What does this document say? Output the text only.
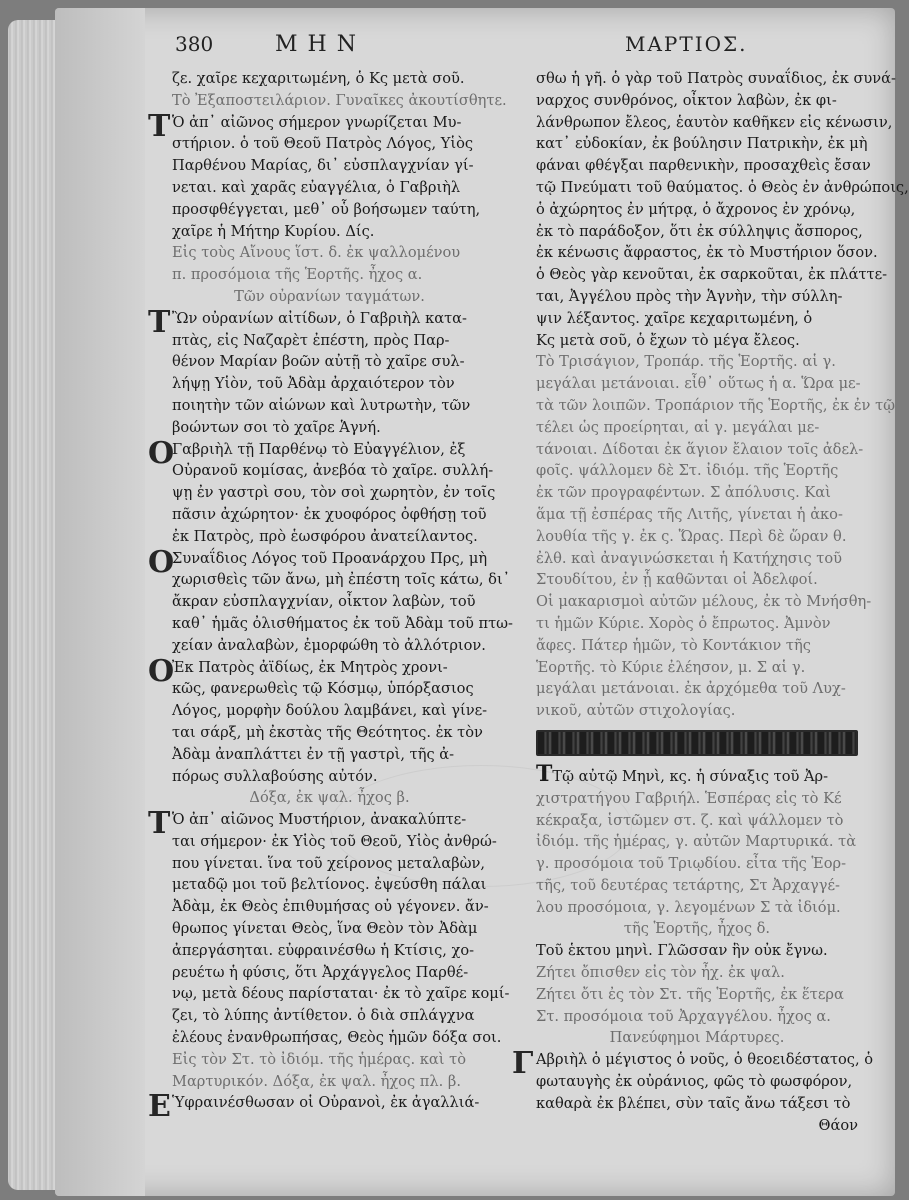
380	ΜΗΝ	ΜΑΡΤΙΟΣ.
ζε. χαῖρε κεχαριτωμένη, ὁ Κς μετὰ σοῦ.
Τὸ Ἐξαποστειλάριον. Γυναῖκες ἀκουτίσθητε.
Τ Ὁ ἀπ᾽ αἰῶνος σήμερον γνωρίζεται Μυ-
στήριον. ὁ τοῦ Θεοῦ Πατρὸς Λόγος, Υἱὸς
Παρθένου Μαρίας, δι᾽ εὐσπλαγχνίαν γί-
νεται. καὶ χαρᾶς εὐαγγέλια, ὁ Γαβριὴλ
προσφθέγγεται, μεθ᾽ οὗ βοήσωμεν ταύτη,
χαῖρε ἡ Μήτηρ Κυρίου. Δίς.
Εἰς τοὺς Αἴνους ἵστ. δ. ἐκ ψαλλομένου
π. προσόμοια τῆς Ἑορτῆς. ἦχος α.
Τῶν οὐρανίων ταγμάτων.
Τ Ὢν οὐρανίων αἰτίδων, ὁ Γαβριὴλ κατα-
πτὰς, εἰς Ναζαρὲτ ἐπέστη, πρὸς Παρ-
θένον Μαρίαν βοῶν αὐτῇ τὸ χαῖρε συλ-
λήψῃ Υἱὸν, τοῦ Ἀδὰμ ἀρχαιότερον τὸν
ποιητὴν τῶν αἰώνων καὶ λυτρωτὴν, τῶν
βοώντων σοι τὸ χαῖρε Ἁγνή.
Ο
Γαβριὴλ τῇ Παρθένῳ τὸ Εὐαγγέλιον, ἐξ
Οὐρανοῦ κομίσας, ἀνεβόα τὸ χαῖρε. συλλή-
ψῃ ἐν γαστρὶ σου, τὸν σοὶ χωρητὸν, ἐν τοῖς
πᾶσιν ἀχώρητον· ἐκ χυοφόρος ὀφθήσῃ τοῦ
ἐκ Πατρὸς, πρὸ ἑωσφόρου ἀνατείλαντος.
Ο
Συναΐδιος Λόγος τοῦ Προανάρχου Πρς, μὴ
χωρισθεὶς τῶν ἄνω, μὴ ἐπέστη τοῖς κάτω, δι᾽
ἄκραν εὐσπλαγχνίαν, οἶκτον λαβὼν, τοῦ
καθ᾽ ἡμᾶς ὀλισθήματος ἐκ τοῦ Ἀδὰμ τοῦ πτω-
χείαν ἀναλαβὼν, ἐμορφώθη τὸ ἀλλότριον.
Ο
Ἐκ Πατρὸς ἀϊδίως, ἐκ Μητρὸς χρονι-
κῶς, φανερωθεὶς τῷ Κόσμῳ, ὑπόρξασιος
Λόγος, μορφὴν δούλου λαμβάνει, καὶ γίνε-
ται σάρξ, μὴ ἐκστὰς τῆς Θεότητος. ἐκ τὸν
Ἀδὰμ ἀναπλάττει ἐν τῇ γαστρὶ, τῆς ἀ-
πόρως συλλαβούσης αὐτόν.
Δόξα, ἐκ ψαλ. ἦχος β.
Τ Ὁ ἀπ᾽ αἰῶνος Μυστήριον, ἀνακαλύπτε-
ται σήμερον· ἐκ Υἱὸς τοῦ Θεοῦ, Υἱὸς ἀνθρώ-
που γίνεται. ἵνα τοῦ χείρονος μεταλαβὼν,
μεταδῷ μοι τοῦ βελτίονος. ἐψεύσθη πάλαι
Ἀδὰμ, ἐκ Θεὸς ἐπιθυμήσας οὐ γέγονεν. ἄν-
θρωπος γίνεται Θεὸς, ἵνα Θεὸν τὸν Ἀδὰμ
ἀπεργάσηται. εὐφραινέσθω ἡ Κτίσις, χο-
ρευέτω ἡ φύσις, ὅτι Ἀρχάγγελος Παρθέ-
νῳ, μετὰ δέους παρίσταται· ἐκ τὸ χαῖρε κομί-
ζει, τὸ λύπης ἀντίθετον. ὁ διὰ σπλάγχνα
ἐλέους ἐνανθρωπήσας, Θεὸς ἡμῶν δόξα σοι.
Εἰς τὸν Στ. τὸ ἰδιόμ. τῆς ἡμέρας. καὶ τὸ
Μαρτυρικόν. Δόξα, ἐκ ψαλ. ἦχος πλ. β.
Ε Ὑφραινέσθωσαν οἱ Οὐρανοὶ, ἐκ ἀγαλλιά-
σθω ἡ γῆ. ὁ γὰρ τοῦ Πατρὸς συναΐδιος, ἐκ συνά-
ναρχος συνθρόνος, οἶκτον λαβὼν, ἐκ φι-
λάνθρωπον ἔλεος, ἑαυτὸν καθῆκεν εἰς κένωσιν,
κατ᾽ εὐδοκίαν, ἐκ βούλησιν Πατρικὴν, ἐκ μὴ
φάναι φθέγξαι παρθενικὴν, προσαχθεὶς ἔσαν
τῷ Πνεύματι τοῦ θαύματος. ὁ Θεὸς ἐν ἀνθρώποις,
ὁ ἀχώρητος ἐν μήτρᾳ, ὁ ἄχρονος ἐν χρόνῳ,
ἐκ τὸ παράδοξον, ὅτι ἐκ σύλληψις ἄσπορος,
ἐκ κένωσις ἄφραστος, ἐκ τὸ Μυστήριον ὅσον.
ὁ Θεὸς γὰρ κενοῦται, ἐκ σαρκοῦται, ἐκ πλάττε-
ται, Ἀγγέλου πρὸς τὴν Ἁγνὴν, τὴν σύλλη-
ψιν λέξαντος. χαῖρε κεχαριτωμένη, ὁ
Κς μετὰ σοῦ, ὁ ἔχων τὸ μέγα ἔλεος.
Τὸ Τρισάγιον, Τροπάρ. τῆς Ἑορτῆς. αἱ γ.
μεγάλαι μετάνοιαι. εἶθ᾽ οὕτως ἡ α. Ὥρα με-
τὰ τῶν λοιπῶν. Τροπάριον τῆς Ἑορτῆς, ἐκ ἐν τῷ
τέλει ὡς προείρηται, αἱ γ. μεγάλαι με-
τάνοιαι. Δίδοται ἐκ ἅγιον ἔλαιον τοῖς ἀδελ-
φοῖς. ψάλλομεν δὲ Στ. ἰδιόμ. τῆς Ἑορτῆς
ἐκ τῶν προγραφέντων. Σ ἀπόλυσις. Καὶ
ἅμα τῇ ἐσπέρας τῆς Λιτῆς, γίνεται ἡ ἀκο-
λουθία τῆς γ. ἐκ ς. Ὥρας. Περὶ δὲ ὥραν θ.
ἐλθ. καὶ ἀναγινώσκεται ἡ Κατήχησις τοῦ
Στουδίτου, ἐν ᾗ καθῶνται οἱ Ἀδελφοί.
Οἱ μακαρισμοὶ αὐτῶν μέλους, ἐκ τὸ Μνήσθη-
τι ἡμῶν Κύριε. Χορὸς ὁ ἔπρωτος. Ἀμνὸν
ἄφες. Πάτερ ἡμῶν, τὸ Κοντάκιον τῆς
Ἑορτῆς. τὸ Κύριε ἐλέησον, μ. Σ αἱ γ.
μεγάλαι μετάνοιαι. ἐκ ἀρχόμεθα τοῦ Λυχ-
νικοῦ, αὐτῶν στιχολογίας.
ΤΤῷ αὐτῷ Μηνὶ, κς. ἡ σύναξις τοῦ Ἀρ-
χιστρατήγου Γαβριήλ. Ἑσπέρας εἰς τὸ Κέ
κέκραξα, ἱστῶμεν στ. ζ. καὶ ψάλλομεν τὸ
ἰδιόμ. τῆς ἡμέρας, γ. αὐτῶν Μαρτυρικά. τὰ
γ. προσόμοια τοῦ Τριῳδίου. εἶτα τῆς Ἑορ-
τῆς, τοῦ δευτέρας τετάρτης, Στ Ἀρχαγγέ-
λου προσόμοια, γ. λεγομένων Σ τὰ ἰδιόμ.
τῆς Ἑορτῆς, ἦχος δ.
Τοῦ ἑκτου μηνὶ. Γλῶσσαν ἣν οὐκ ἔγνω.
Ζήτει ὄπισθεν εἰς τὸν ἦχ. ἐκ ψαλ.
Ζήτει ὄτι ἐς τὸν Στ. τῆς Ἑορτῆς, ἐκ ἕτερα
Στ. προσόμοια τοῦ Ἀρχαγγέλου. ἦχος α.
Πανεύφημοι Μάρτυρες.
Γ Αβριὴλ ὁ μέγιστος ὁ νοῦς, ὁ θεοειδέστατος, ὁ
φωταυγὴς ἐκ οὐράνιος, φῶς τὸ φωσφόρον,
καθαρὰ ἐκ βλέπει, σὺν ταῖς ἄνω τάξεσι τὸ
Θάον
